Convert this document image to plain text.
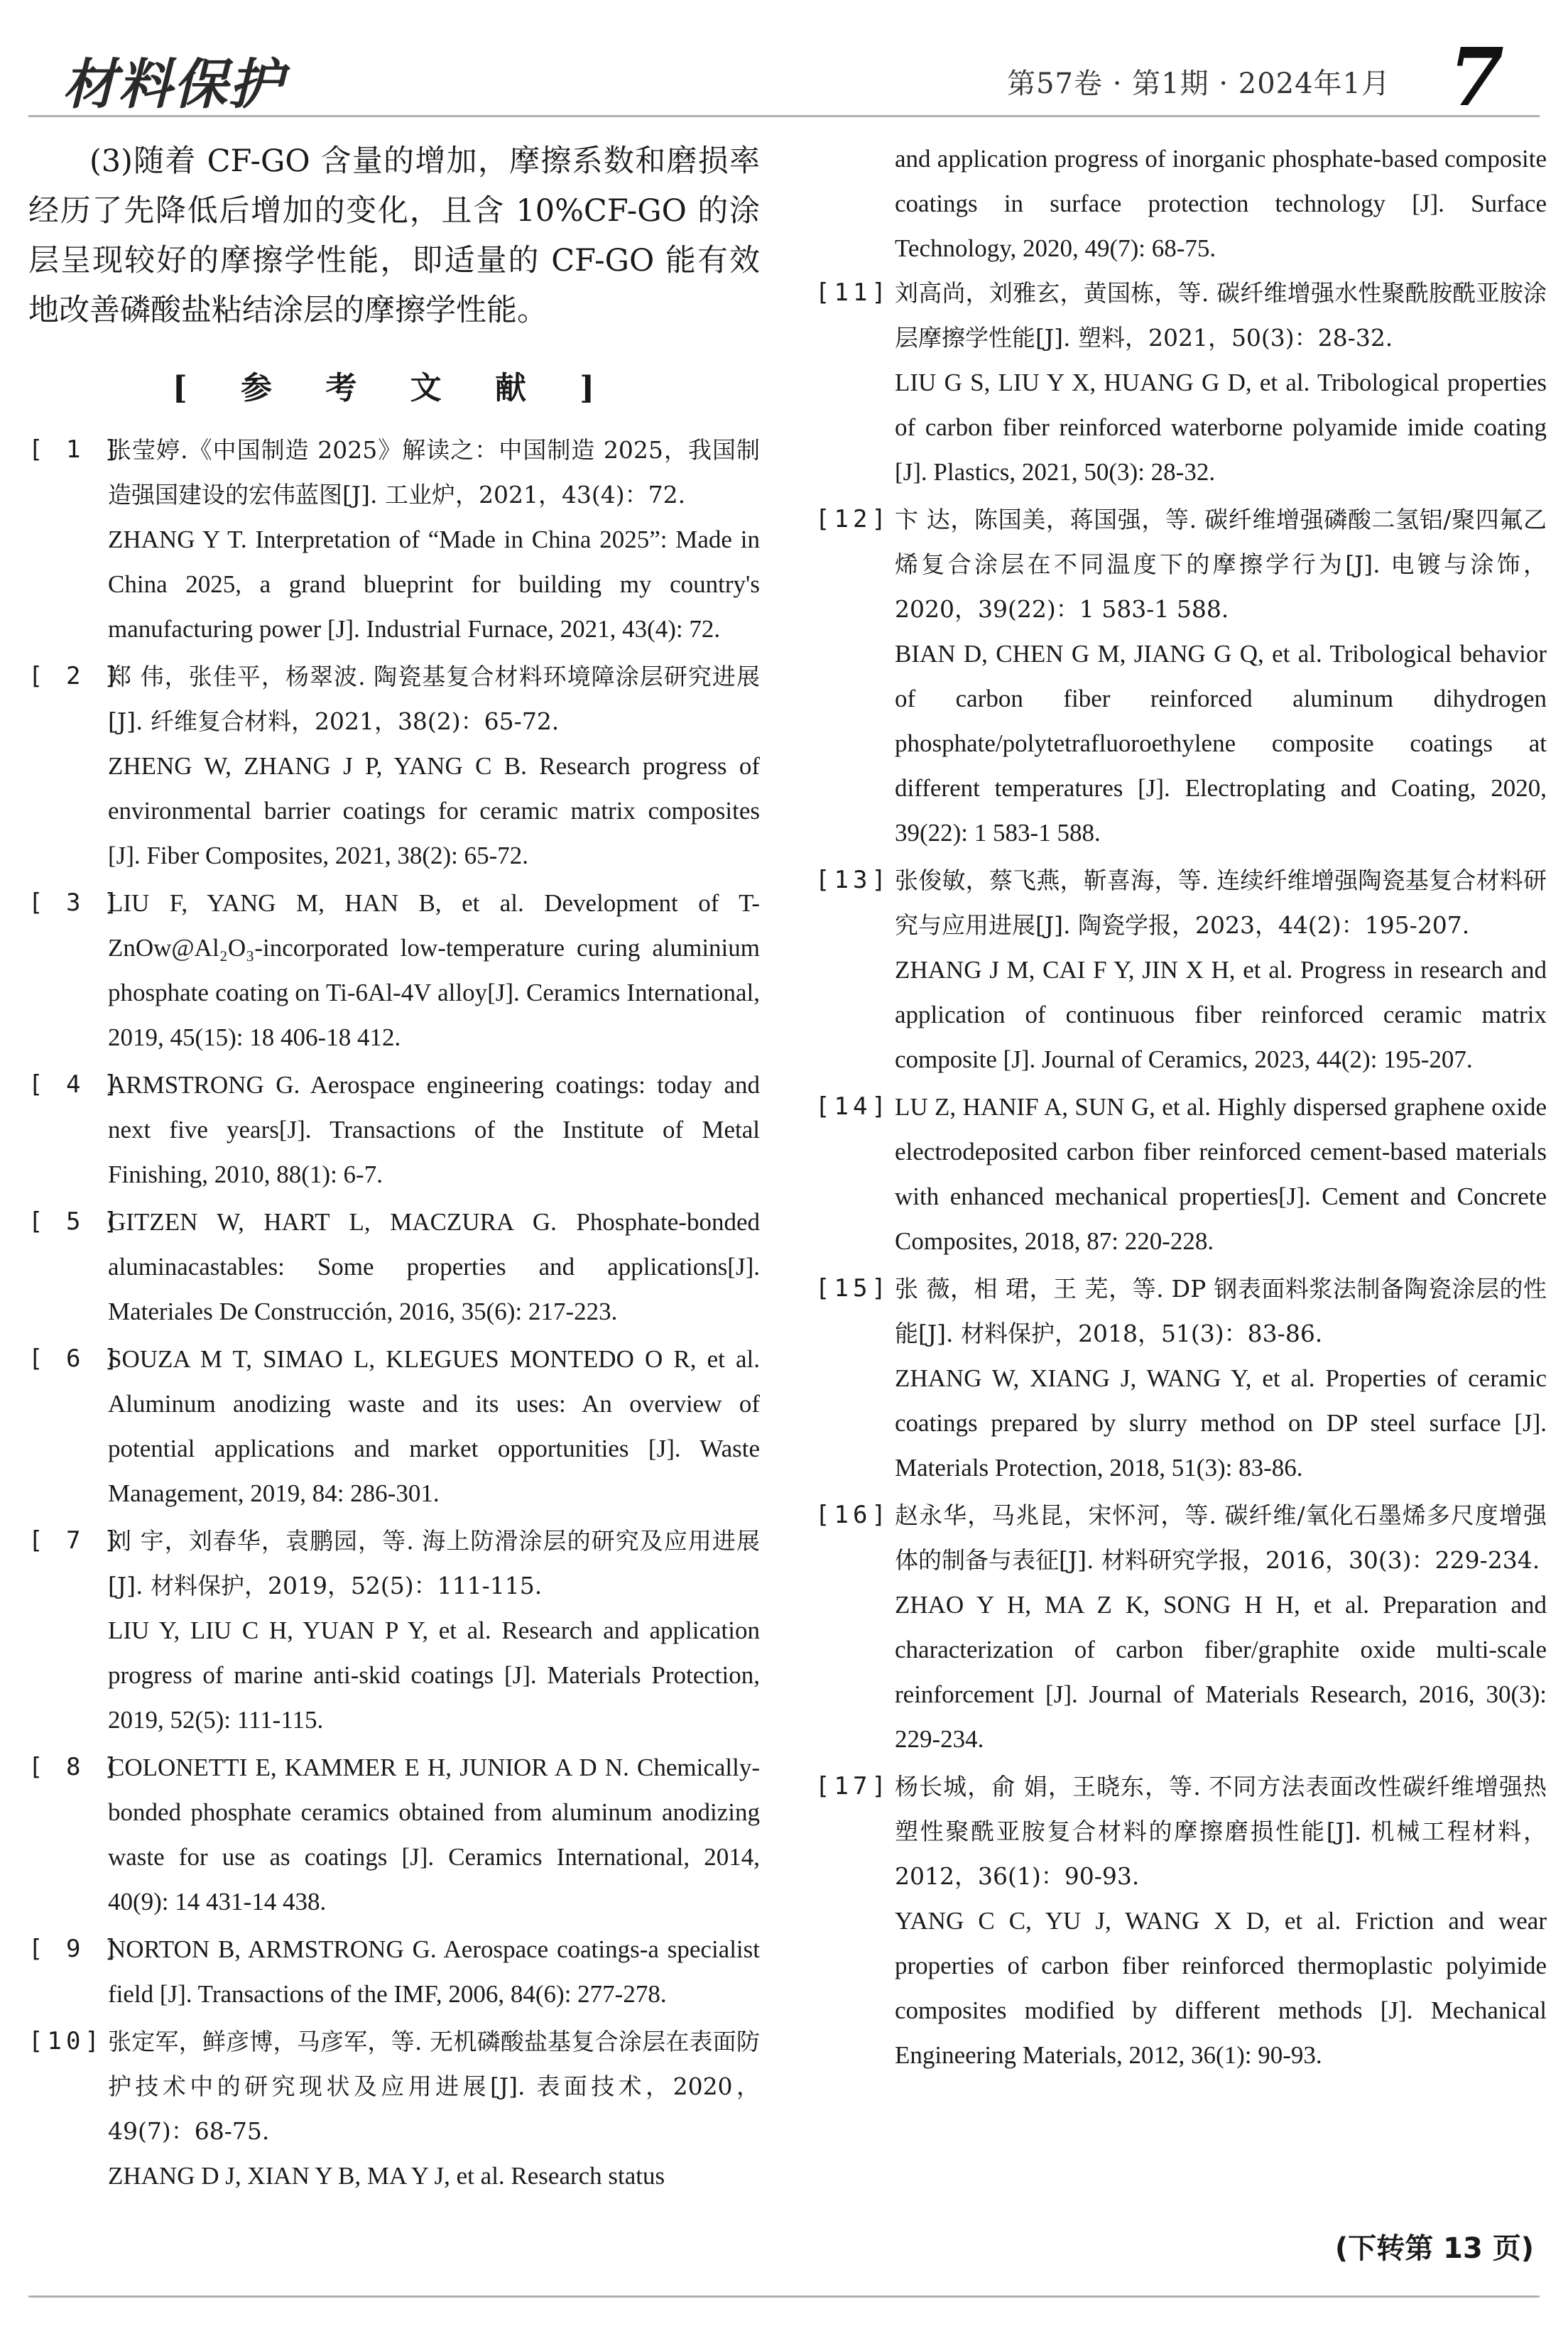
材料保护	第57卷 · 第1期 · 2024年1月 7

(3)随着 CF-GO 含量的增加，摩擦系数和磨损率经历了先降低后增加的变化，且含 10%CF-GO 的涂层呈现较好的摩擦学性能，即适量的 CF-GO 能有效地改善磷酸盐粘结涂层的摩擦学性能。

[ 参 考 文 献 ]
[ 1 ]

张莹婷.《中国制造 2025》解读之：中国制造 2025，我国制造强国建设的宏伟蓝图[J]. 工业炉，2021，43(4)：72.

ZHANG Y T. Interpretation of “Made in China 2025”: Made in China 2025, a grand blueprint for building my country's manufacturing power [J]. Industrial Furnace, 2021, 43(4): 72.

[ 2 ]

郑 伟，张佳平，杨翠波. 陶瓷基复合材料环境障涂层研究进展[J]. 纤维复合材料，2021，38(2)：65-72.

ZHENG W, ZHANG J P, YANG C B. Research progress of environmental barrier coatings for ceramic matrix composites [J]. Fiber Composites, 2021, 38(2): 65-72.

[ 3 ]

LIU F, YANG M, HAN B, et al. Development of T-ZnOw@Al₂O₃-incorporated low-temperature curing aluminium phosphate coating on Ti-6Al-4V alloy[J]. Ceramics International, 2019, 45(15): 18 406-18 412.

[ 4 ]

ARMSTRONG G. Aerospace engineering coatings: today and next five years[J]. Transactions of the Institute of Metal Finishing, 2010, 88(1): 6-7.

[ 5 ]

GITZEN W, HART L, MACZURA G. Phosphate-bonded aluminacastables: Some properties and applications[J]. Materiales De Construcción, 2016, 35(6): 217-223.

[ 6 ]

SOUZA M T, SIMAO L, KLEGUES MONTEDO O R, et al. Aluminum anodizing waste and its uses: An overview of potential applications and market opportunities [J]. Waste Management, 2019, 84: 286-301.

[ 7 ]

刘 宇，刘春华，袁鹏园，等. 海上防滑涂层的研究及应用进展[J]. 材料保护，2019，52(5)：111-115.

LIU Y, LIU C H, YUAN P Y, et al. Research and application progress of marine anti-skid coatings [J]. Materials Protection, 2019, 52(5): 111-115.

[ 8 ]

COLONETTI E, KAMMER E H, JUNIOR A D N. Chemically-bonded phosphate ceramics obtained from aluminum anodizing waste for use as coatings [J]. Ceramics International, 2014, 40(9): 14 431-14 438.

[ 9 ]

NORTON B, ARMSTRONG G. Aerospace coatings-a specialist field [J]. Transactions of the IMF, 2006, 84(6): 277-278.

[10] 张定军，鲜彦博，马彦军，等. 无机磷酸盐基复合涂层在表面防护技术中的研究现状及应用进展[J]. 表面技术，2020，49(7)：68-75.

ZHANG D J, XIAN Y B, MA Y J, et al. Research status

and application progress of inorganic phosphate-based composite coatings in surface protection technology [J]. Surface Technology, 2020, 49(7): 68-75.

[11] 刘高尚，刘雅玄，黄国栋，等. 碳纤维增强水性聚酰胺酰亚胺涂层摩擦学性能[J]. 塑料，2021，50(3)：28-32.

LIU G S, LIU Y X, HUANG G D, et al. Tribological properties of carbon fiber reinforced waterborne polyamide imide coating [J]. Plastics, 2021, 50(3): 28-32.

[12] 卞 达，陈国美，蒋国强，等. 碳纤维增强磷酸二氢铝/聚四氟乙烯复合涂层在不同温度下的摩擦学行为[J]. 电镀与涂饰，2020，39(22)：1 583-1 588.

BIAN D, CHEN G M, JIANG G Q, et al. Tribological behavior of carbon fiber reinforced aluminum dihydrogen phosphate/polytetrafluoroethylene composite coatings at different temperatures [J]. Electroplating and Coating, 2020, 39(22): 1 583-1 588.

[13] 张俊敏，蔡飞燕，靳喜海，等. 连续纤维增强陶瓷基复合材料研究与应用进展[J]. 陶瓷学报，2023，44(2)：195-207.

ZHANG J M, CAI F Y, JIN X H, et al. Progress in research and application of continuous fiber reinforced ceramic matrix composite [J]. Journal of Ceramics, 2023, 44(2): 195-207.

[14] LU Z, HANIF A, SUN G, et al. Highly dispersed graphene oxide electrodeposited carbon fiber reinforced cement-based materials with enhanced mechanical properties[J]. Cement and Concrete Composites, 2018, 87: 220-228.

[15] 张 薇，相 珺，王 芜，等. DP 钢表面料浆法制备陶瓷涂层的性能[J]. 材料保护，2018，51(3)：83-86.

ZHANG W, XIANG J, WANG Y, et al. Properties of ceramic coatings prepared by slurry method on DP steel surface [J]. Materials Protection, 2018, 51(3): 83-86.

[16] 赵永华，马兆昆，宋怀河，等. 碳纤维/氧化石墨烯多尺度增强体的制备与表征[J]. 材料研究学报，2016，30(3)：229-234.

ZHAO Y H, MA Z K, SONG H H, et al. Preparation and characterization of carbon fiber/graphite oxide multi-scale reinforcement [J]. Journal of Materials Research, 2016, 30(3): 229-234.

[17] 杨长城，俞 娟，王晓东，等. 不同方法表面改性碳纤维增强热塑性聚酰亚胺复合材料的摩擦磨损性能[J]. 机械工程材料，2012，36(1)：90-93.

YANG C C, YU J, WANG X D, et al. Friction and wear properties of carbon fiber reinforced thermoplastic polyimide composites modified by different methods [J]. Mechanical Engineering Materials, 2012, 36(1): 90-93.

(下转第 13 页)
